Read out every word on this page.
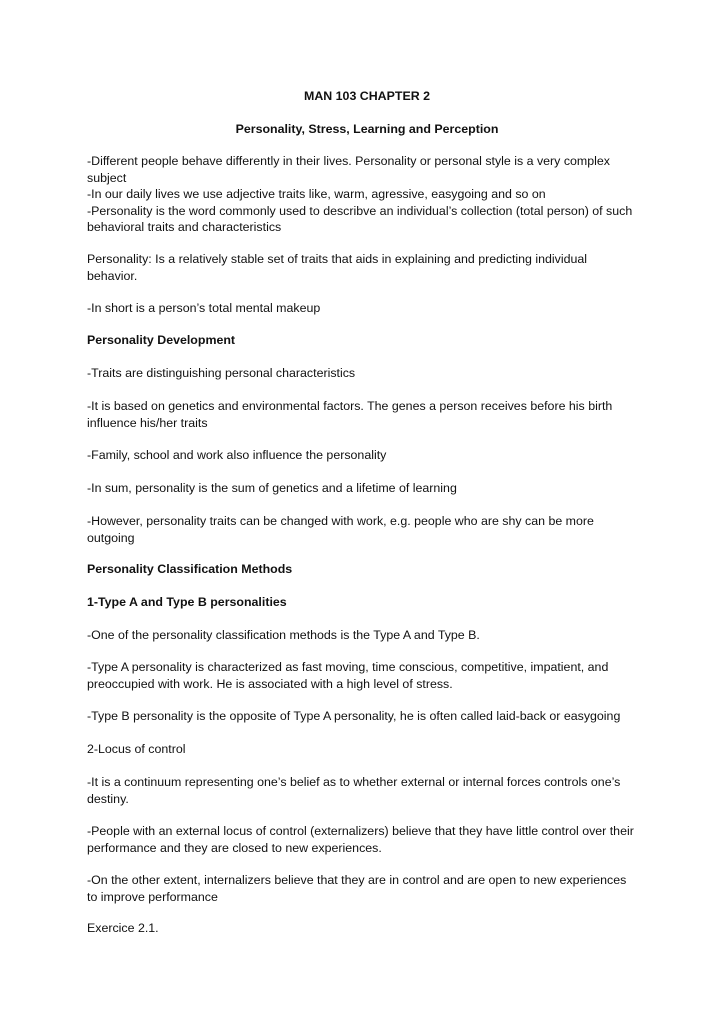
MAN 103 CHAPTER 2
Personality, Stress, Learning and Perception
-Different people behave differently in their lives. Personality or personal style is a very complex
subject
-In our daily lives we use adjective traits like, warm, agressive, easygoing and so on
-Personality is the word commonly used to describve an individual’s collection (total person) of such
behavioral traits and characteristics
Personality: Is a relatively stable set of traits that aids in explaining and predicting individual
behavior.
-In short is a person’s total mental makeup
Personality Development
-Traits are distinguishing personal characteristics
-It is based on genetics and environmental factors. The genes a person receives before his birth
influence his/her traits
-Family, school and work also influence the personality
-In sum, personality is the sum of genetics and a lifetime of learning
-However, personality traits can be changed with work, e.g. people who are shy can be more
outgoing
Personality Classification Methods
1-Type A and Type B personalities
-One of the personality classification methods is the Type A and Type B.
-Type A personality is characterized as fast moving, time conscious, competitive, impatient, and
preoccupied with work. He is associated with a high level of stress.
-Type B personality is the opposite of Type A personality, he is often called laid-back or easygoing
2-Locus of control
-It is a continuum representing one’s belief as to whether external or internal forces controls one’s
destiny.
-People with an external locus of control (externalizers) believe that they have little control over their
performance and they are closed to new experiences.
-On the other extent, internalizers believe that they are in control and are open to new experiences
to improve performance
Exercice 2.1.
